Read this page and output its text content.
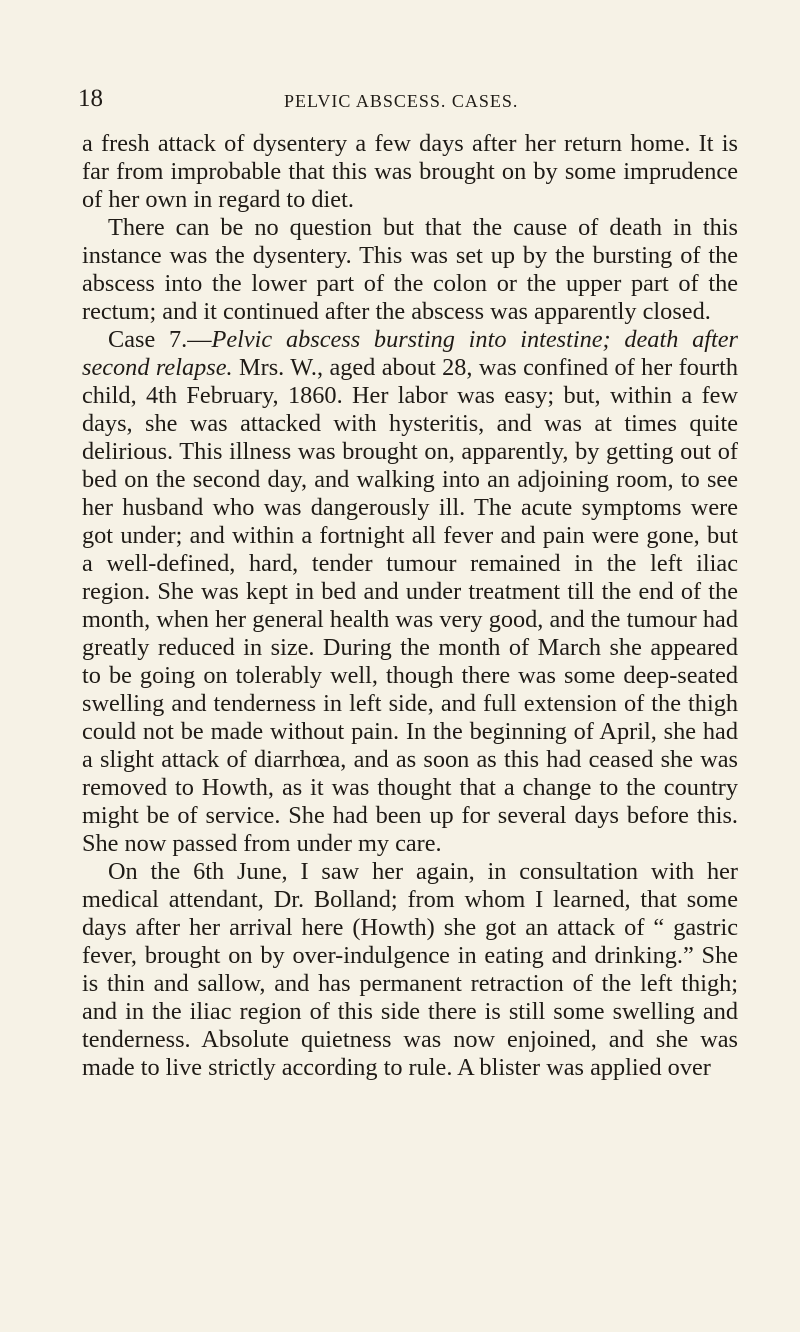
18	PELVIC ABSCESS. CASES.

a fresh attack of dysentery a few days after her return home. It is far from improbable that this was brought on by some imprudence of her own in regard to diet.

There can be no question but that the cause of death in this instance was the dysentery. This was set up by the bursting of the abscess into the lower part of the colon or the upper part of the rectum; and it continued after the abscess was apparently closed.

Case 7.—Pelvic abscess bursting into intestine; death after second relapse. Mrs. W., aged about 28, was confined of her fourth child, 4th February, 1860. Her labor was easy; but, within a few days, she was attacked with hysteritis, and was at times quite delirious. This illness was brought on, apparently, by getting out of bed on the second day, and walking into an adjoining room, to see her husband who was dangerously ill. The acute symptoms were got under; and within a fortnight all fever and pain were gone, but a well-defined, hard, tender tumour remained in the left iliac region. She was kept in bed and under treatment till the end of the month, when her general health was very good, and the tumour had greatly reduced in size. During the month of March she appeared to be going on tolerably well, though there was some deep-seated swelling and tenderness in left side, and full extension of the thigh could not be made without pain. In the beginning of April, she had a slight attack of diarrhœa, and as soon as this had ceased she was removed to Howth, as it was thought that a change to the country might be of service. She had been up for several days before this. She now passed from under my care.

On the 6th June, I saw her again, in consultation with her medical attendant, Dr. Bolland; from whom I learned, that some days after her arrival here (Howth) she got an attack of “ gastric fever, brought on by over-indulgence in eating and drinking.” She is thin and sallow, and has permanent retraction of the left thigh; and in the iliac region of this side there is still some swelling and tenderness. Absolute quietness was now enjoined, and she was made to live strictly according to rule. A blister was applied over
